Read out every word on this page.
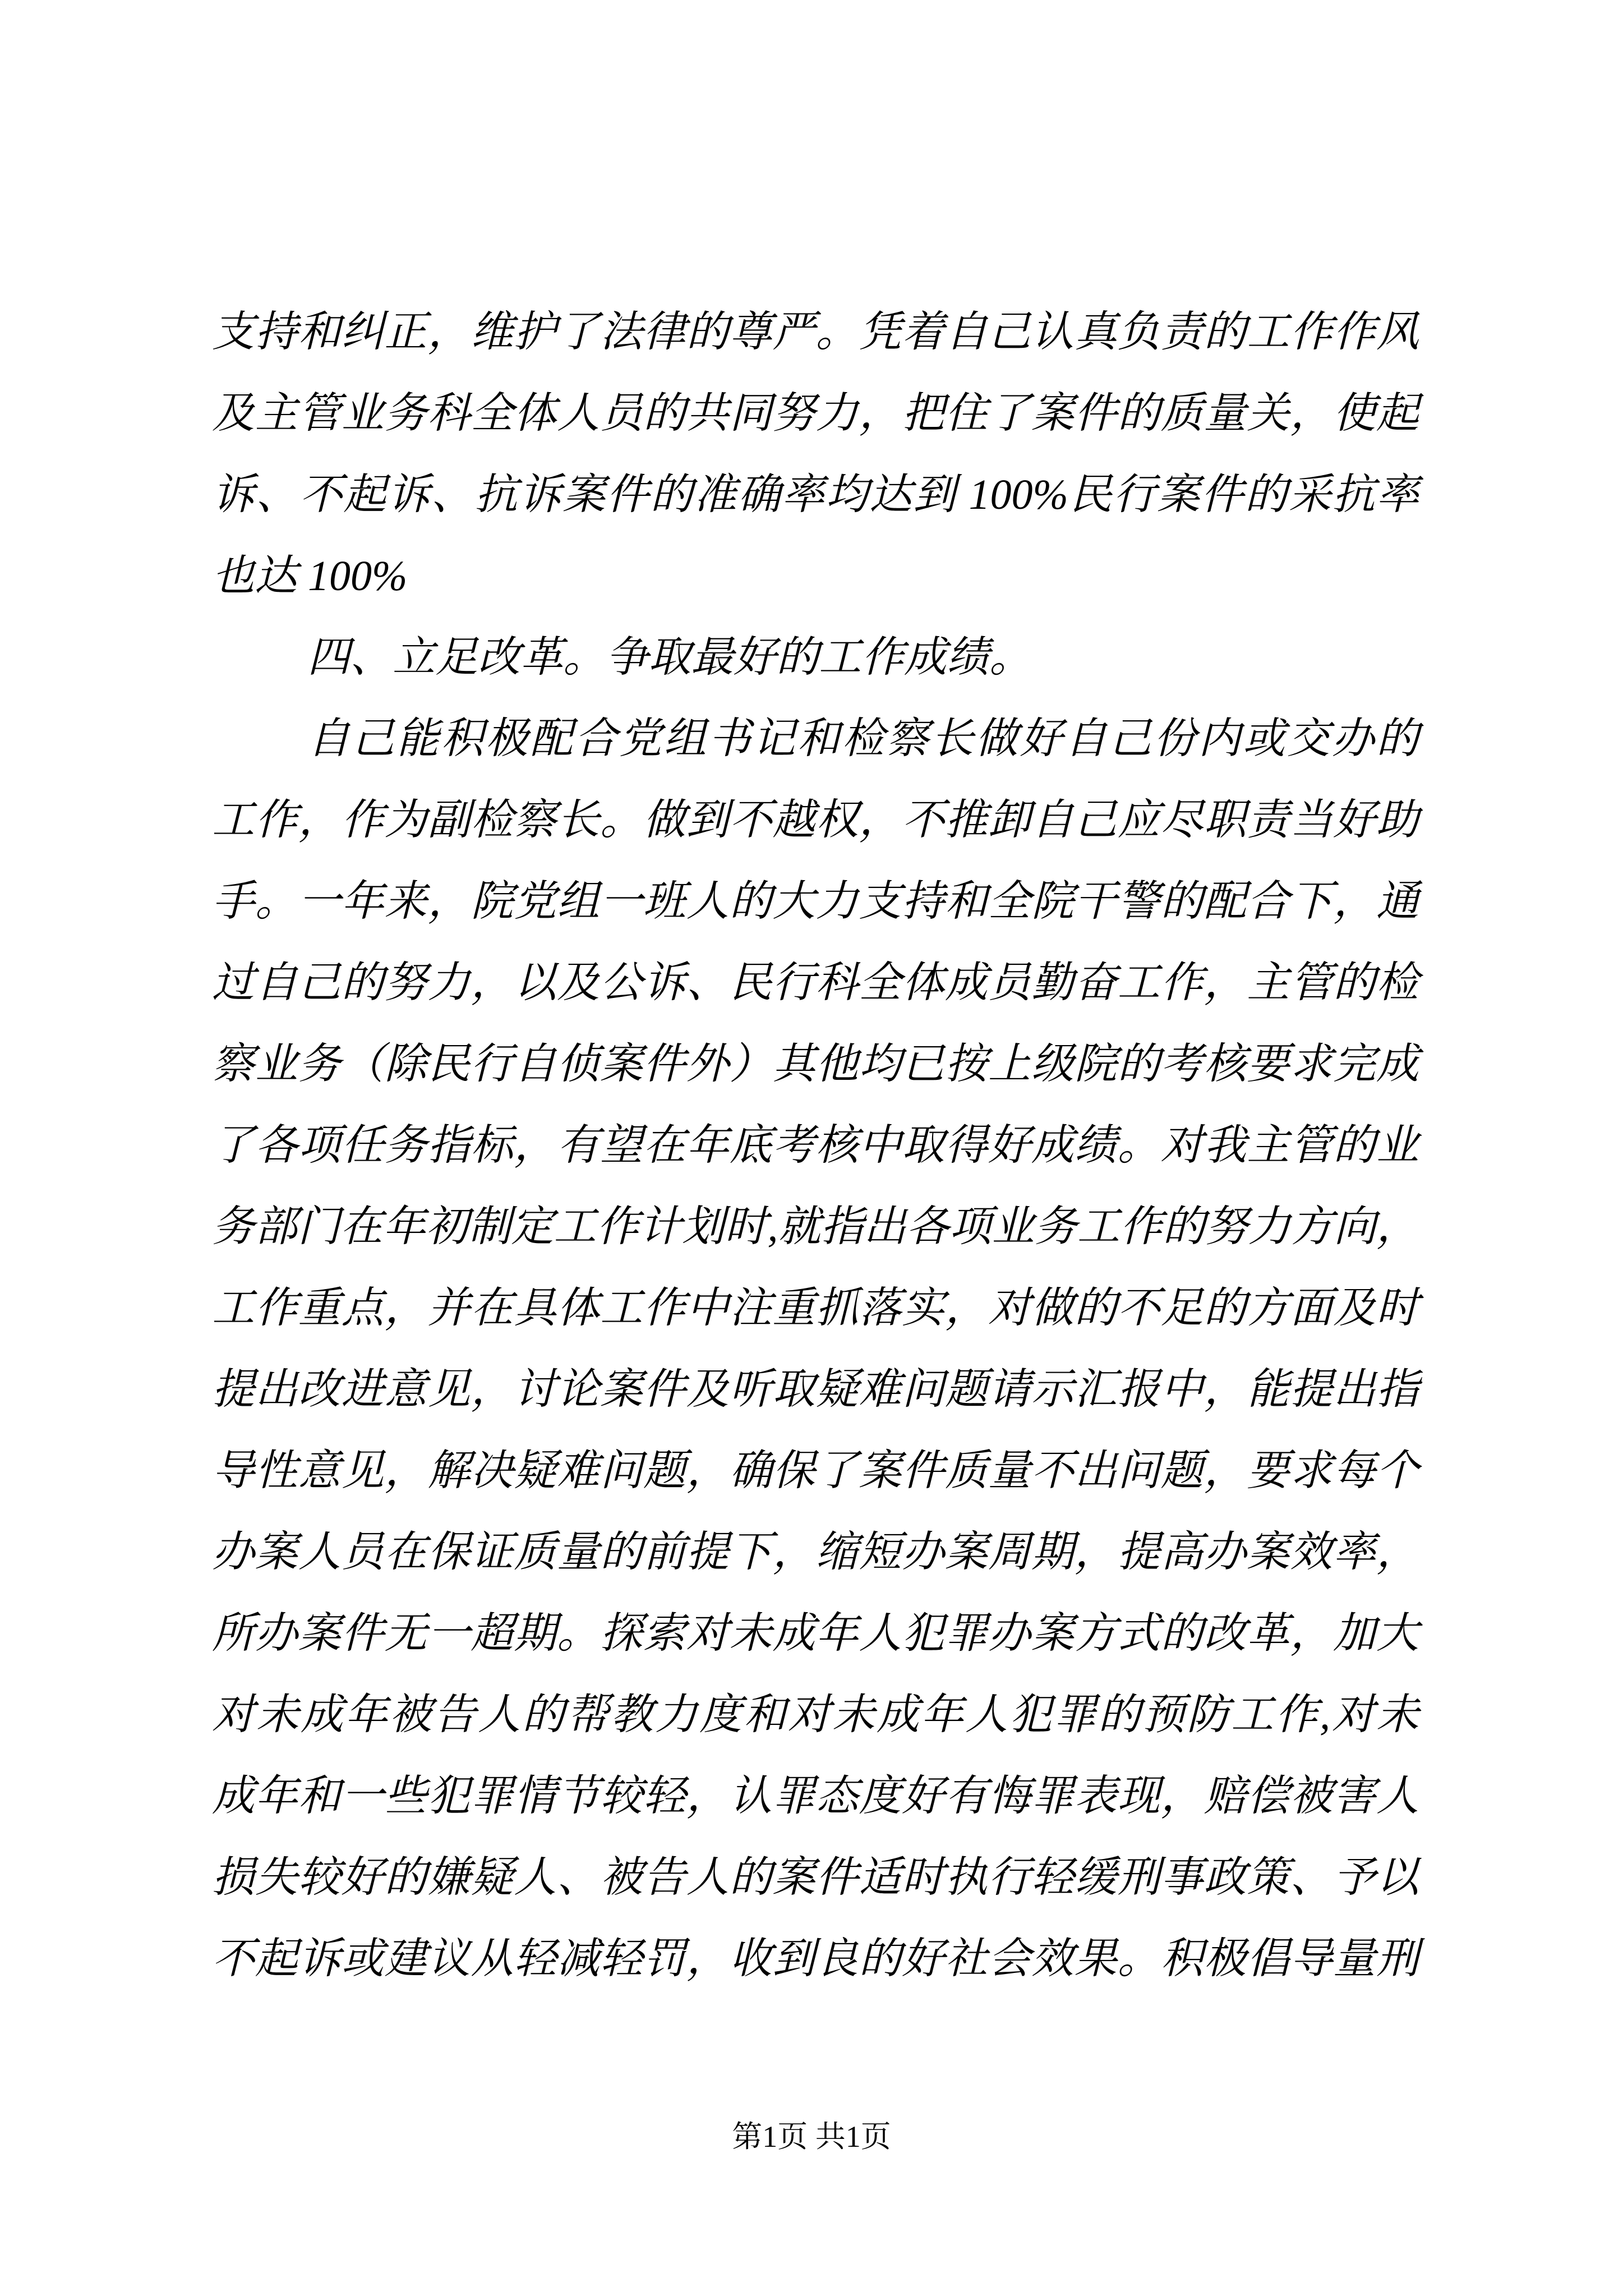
支持和纠正，维护了法律的尊严。凭着自己认真负责的工作作风
及主管业务科全体人员的共同努力，把住了案件的质量关，使起
诉、不起诉、抗诉案件的准确率均达到 100%民行案件的采抗率
也达 100%
四、立足改革。争取最好的工作成绩。
自己能积极配合党组书记和检察长做好自己份内或交办的
工作，作为副检察长。做到不越权，不推卸自己应尽职责当好助
手。一年来，院党组一班人的大力支持和全院干警的配合下，通
过自己的努力，以及公诉、民行科全体成员勤奋工作，主管的检
察业务（除民行自侦案件外）其他均已按上级院的考核要求完成
了各项任务指标，有望在年底考核中取得好成绩。对我主管的业
务部门在年初制定工作计划时,就指出各项业务工作的努力方向，
工作重点，并在具体工作中注重抓落实，对做的不足的方面及时
提出改进意见，讨论案件及听取疑难问题请示汇报中，能提出指
导性意见，解决疑难问题，确保了案件质量不出问题，要求每个
办案人员在保证质量的前提下，缩短办案周期，提高办案效率，
所办案件无一超期。探索对未成年人犯罪办案方式的改革，加大
对未成年被告人的帮教力度和对未成年人犯罪的预防工作,对未
成年和一些犯罪情节较轻，认罪态度好有悔罪表现，赔偿被害人
损失较好的嫌疑人、被告人的案件适时执行轻缓刑事政策、予以
不起诉或建议从轻减轻罚，收到良的好社会效果。积极倡导量刑
第1页 共1页
